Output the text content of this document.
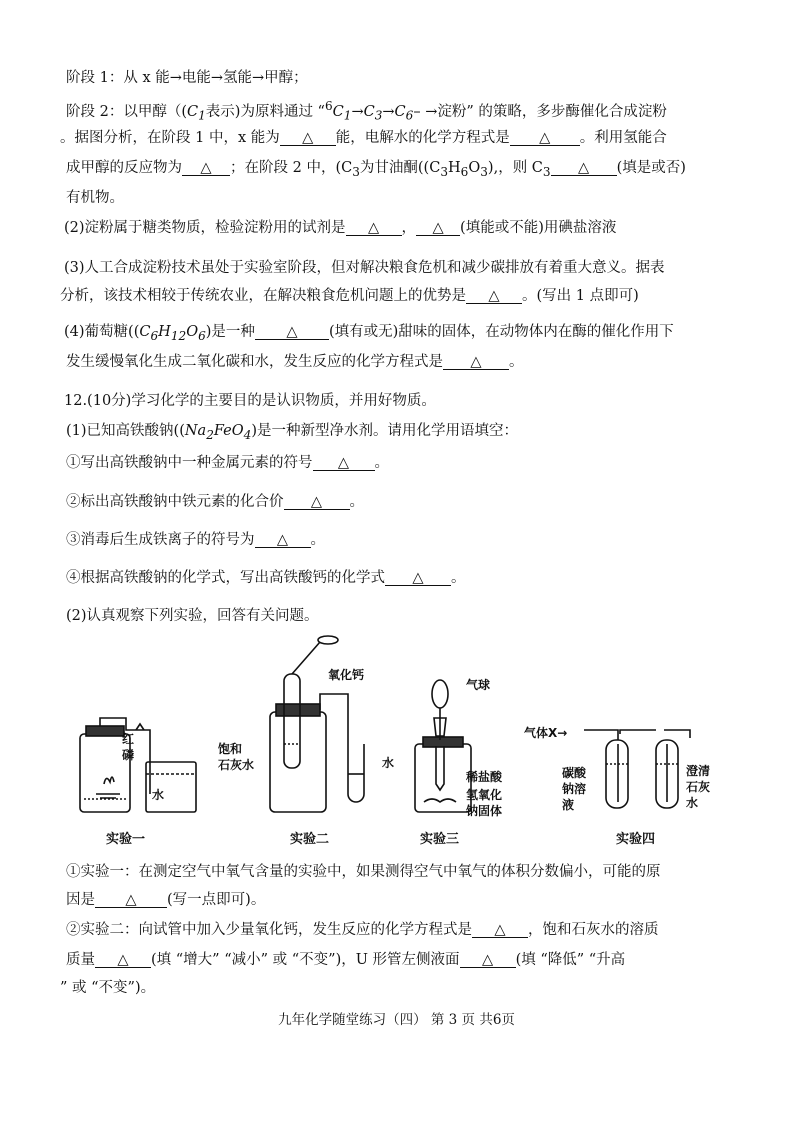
阶段 1：从 x 能→电能→氢能→甲醇；
阶段 2：以甲醇（($C_1$表示)为原料通过 “$^6C_1\to C_3\to C_6-$ →淀粉” 的策略，多步酶催化合成淀粉
。据图分析，在阶段 1 中，x 能为 △ 能，电解水的化学方程式是 △ 。利用氢能合
成甲醇的反应物为 △ ；在阶段 2 中，($C_3$为甘油酮($(C_3H_6O_3)$,，则 $C_3$ △ (填是或否)
有机物。
(2)淀粉属于糖类物质，检验淀粉用的试剂是 △ ， △ (填能或不能)用碘盐溶液
(3)人工合成淀粉技术虽处于实验室阶段，但对解决粮食危机和减少碳排放有着重大意义。据表
分析，该技术相较于传统农业，在解决粮食危机问题上的优势是 △ 。(写出 1 点即可)
(4)葡萄糖($(C_6H_{12}O_6)$是一种 △ (填有或无)甜味的固体，在动物体内在酶的催化作用下
发生缓慢氧化生成二氧化碳和水，发生反应的化学方程式是 △ 。
12.(10分)学习化学的主要目的是认识物质，并用好物质。
(1)已知高铁酸钠($(Na_2FeO_4)$是一种新型净水剂。请用化学用语填空：
①写出高铁酸钠中一种金属元素的符号 △ 。
②标出高铁酸钠中铁元素的化合价 △ 。
③消毒后生成铁离子的符号为 △ 。
④根据高铁酸钠的化学式，写出高铁酸钙的化学式 △ 。
(2)认真观察下列实验，回答有关问题。
水
红
磷
氧化钙
饱和
石灰水	水
气球
稀盐酸
氢氧化
钠固体
气体X→
碳酸
钠溶
液
澄清
石灰
水
实验一	实验二	实验三	实验四
①实验一：在测定空气中氧气含量的实验中，如果测得空气中氧气的体积分数偏小，可能的原
因是 △ (写一点即可)。
②实验二：向试管中加入少量氧化钙，发生反应的化学方程式是 △ ，饱和石灰水的溶质
质量 △ (填 “增大” “减小” 或 “不变”)，U 形管左侧液面 △ (填 “降低” “升高
” 或 “不变”)。
九年化学随堂练习（四） 第 3 页 共6页
